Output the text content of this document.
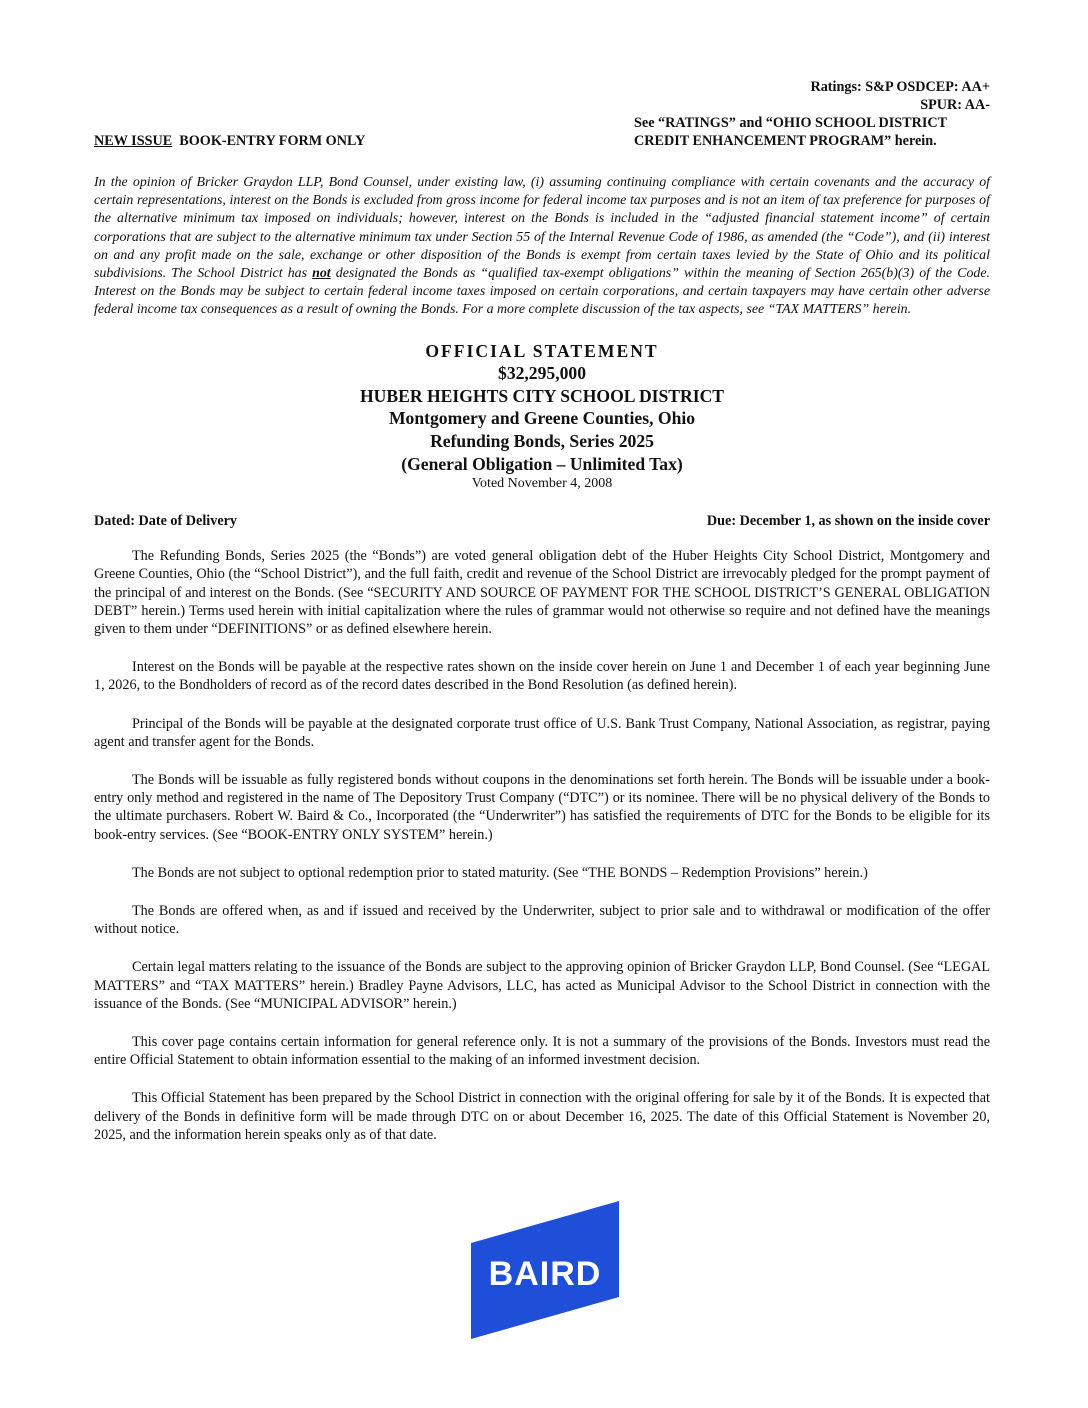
Ratings: S&P OSDCEP: AA+
SPUR: AA-
See “RATINGS” and “OHIO SCHOOL DISTRICT
CREDIT ENHANCEMENT PROGRAM” herein.
NEW ISSUE BOOK-ENTRY FORM ONLY
In the opinion of Bricker Graydon LLP, Bond Counsel, under existing law, (i) assuming continuing compliance with certain covenants and the accuracy of certain representations, interest on the Bonds is excluded from gross income for federal income tax purposes and is not an item of tax preference for purposes of the alternative minimum tax imposed on individuals; however, interest on the Bonds is included in the “adjusted financial statement income” of certain corporations that are subject to the alternative minimum tax under Section 55 of the Internal Revenue Code of 1986, as amended (the “Code”), and (ii) interest on and any profit made on the sale, exchange or other disposition of the Bonds is exempt from certain taxes levied by the State of Ohio and its political subdivisions. The School District has not designated the Bonds as “qualified tax-exempt obligations” within the meaning of Section 265(b)(3) of the Code. Interest on the Bonds may be subject to certain federal income taxes imposed on certain corporations, and certain taxpayers may have certain other adverse federal income tax consequences as a result of owning the Bonds. For a more complete discussion of the tax aspects, see “TAX MATTERS” herein.
OFFICIAL STATEMENT
$32,295,000
HUBER HEIGHTS CITY SCHOOL DISTRICT
Montgomery and Greene Counties, Ohio
Refunding Bonds, Series 2025
(General Obligation – Unlimited Tax)
Voted November 4, 2008
Dated: Date of Delivery	Due: December 1, as shown on the inside cover

The Refunding Bonds, Series 2025 (the “Bonds”) are voted general obligation debt of the Huber Heights City School District, Montgomery and Greene Counties, Ohio (the “School District”), and the full faith, credit and revenue of the School District are irrevocably pledged for the prompt payment of the principal of and interest on the Bonds. (See “SECURITY AND SOURCE OF PAYMENT FOR THE SCHOOL DISTRICT’S GENERAL OBLIGATION DEBT” herein.) Terms used herein with initial capitalization where the rules of grammar would not otherwise so require and not defined have the meanings given to them under “DEFINITIONS” or as defined elsewhere herein.

Interest on the Bonds will be payable at the respective rates shown on the inside cover herein on June 1 and December 1 of each year beginning June 1, 2026, to the Bondholders of record as of the record dates described in the Bond Resolution (as defined herein).

Principal of the Bonds will be payable at the designated corporate trust office of U.S. Bank Trust Company, National Association, as registrar, paying agent and transfer agent for the Bonds.

The Bonds will be issuable as fully registered bonds without coupons in the denominations set forth herein. The Bonds will be issuable under a book-entry only method and registered in the name of The Depository Trust Company (“DTC”) or its nominee. There will be no physical delivery of the Bonds to the ultimate purchasers. Robert W. Baird & Co., Incorporated (the “Underwriter”) has satisfied the requirements of DTC for the Bonds to be eligible for its book-entry services. (See “BOOK-ENTRY ONLY SYSTEM” herein.)

The Bonds are not subject to optional redemption prior to stated maturity. (See “THE BONDS – Redemption Provisions” herein.)

The Bonds are offered when, as and if issued and received by the Underwriter, subject to prior sale and to withdrawal or modification of the offer without notice.

Certain legal matters relating to the issuance of the Bonds are subject to the approving opinion of Bricker Graydon LLP, Bond Counsel. (See “LEGAL MATTERS” and “TAX MATTERS” herein.) Bradley Payne Advisors, LLC, has acted as Municipal Advisor to the School District in connection with the issuance of the Bonds. (See “MUNICIPAL ADVISOR” herein.)

This cover page contains certain information for general reference only. It is not a summary of the provisions of the Bonds. Investors must read the entire Official Statement to obtain information essential to the making of an informed investment decision.

This Official Statement has been prepared by the School District in connection with the original offering for sale by it of the Bonds. It is expected that delivery of the Bonds in definitive form will be made through DTC on or about December 16, 2025. The date of this Official Statement is November 20, 2025, and the information herein speaks only as of that date.

BAIRD
